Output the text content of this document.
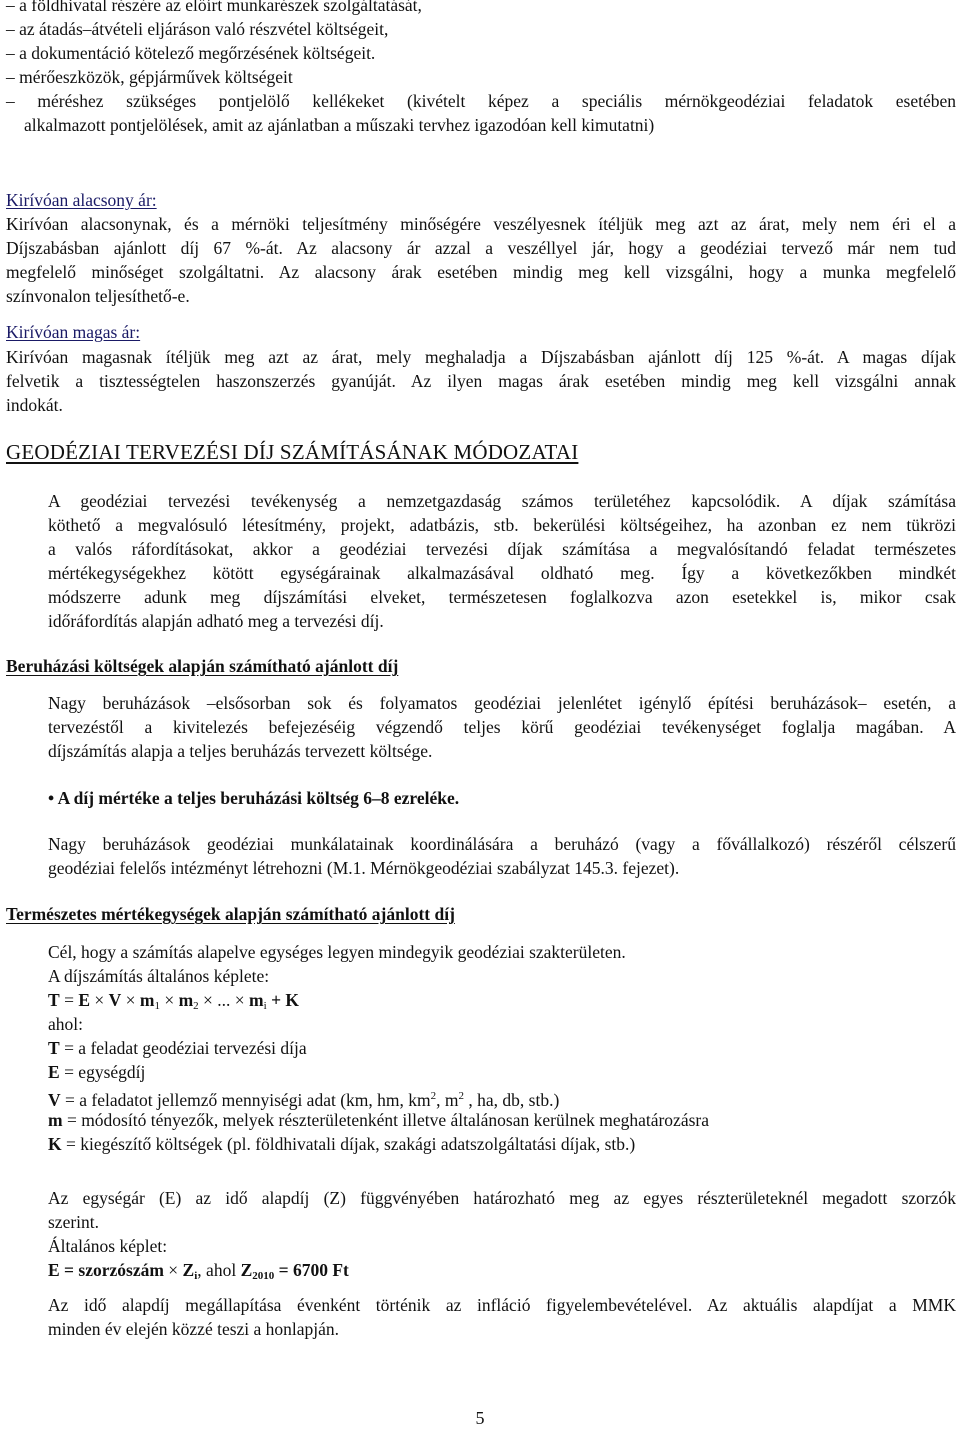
– a földhivatal részére az előírt munkarészek szolgáltatását,
– az átadás–átvételi eljáráson való részvétel költségeit,
– a dokumentáció kötelező megőrzésének költségeit.
– mérőeszközök, gépjárművek költségeit
– méréshez szükséges pontjelölő kellékeket (kivételt képez a speciális mérnökgeodéziai feladatok esetében
alkalmazott pontjelölések, amit az ajánlatban a műszaki tervhez igazodóan kell kimutatni)
Kirívóan alacsony ár:
Kirívóan alacsonynak, és a mérnöki teljesítmény minőségére veszélyesnek ítéljük meg azt az árat, mely nem éri el a
Díjszabásban ajánlott díj 67 %-át. Az alacsony ár azzal a veszéllyel jár, hogy a geodéziai tervező már nem tud
megfelelő minőséget szolgáltatni. Az alacsony árak esetében mindig meg kell vizsgálni, hogy a munka megfelelő
színvonalon teljesíthető-e.
Kirívóan magas ár:
Kirívóan magasnak ítéljük meg azt az árat, mely meghaladja a Díjszabásban ajánlott díj 125 %-át. A magas díjak
felvetik a tisztességtelen haszonszerzés gyanúját. Az ilyen magas árak esetében mindig meg kell vizsgálni annak
indokát.
GEODÉZIAI TERVEZÉSI DÍJ SZÁMÍTÁSÁNAK MÓDOZATAI
A geodéziai tervezési tevékenység a nemzetgazdaság számos területéhez kapcsolódik. A díjak számítása
köthető a megvalósuló létesítmény, projekt, adatbázis, stb. bekerülési költségeihez, ha azonban ez nem tükrözi
a valós ráfordításokat, akkor a geodéziai tervezési díjak számítása a megvalósítandó feladat természetes
mértékegységekhez kötött egységárainak alkalmazásával oldható meg. Így a következőkben mindkét
módszerre adunk meg díjszámítási elveket, természetesen foglalkozva azon esetekkel is, mikor csak
időráfordítás alapján adható meg a tervezési díj.
Beruházási költségek alapján számítható ajánlott díj
Nagy beruházások –elsősorban sok és folyamatos geodéziai jelenlétet igénylő építési beruházások– esetén, a
tervezéstől a kivitelezés befejezéséig végzendő teljes körű geodéziai tevékenységet foglalja magában. A
díjszámítás alapja a teljes beruházás tervezett költsége.
• A díj mértéke a teljes beruházási költség 6–8 ezreléke.
Nagy beruházások geodéziai munkálatainak koordinálására a beruházó (vagy a fővállalkozó) részéről célszerű
geodéziai felelős intézményt létrehozni (M.1. Mérnökgeodéziai szabályzat 145.3. fejezet).
Természetes mértékegységek alapján számítható ajánlott díj
Cél, hogy a számítás alapelve egységes legyen mindegyik geodéziai szakterületen.
A díjszámítás általános képlete:
$T = E \times V \times m_1 \times m_2$ × ... × $m_i + K$
ahol:
T = a feladat geodéziai tervezési díja
E = egységdíj
V = a feladatot jellemző mennyiségi adat (km, hm, $km^2$, $m^2$ , ha, db, stb.)
m = módosító tényezők, melyek részterületenként illetve általánosan kerülnek meghatározásra
K = kiegészítő költségek (pl. földhivatali díjak, szakági adatszolgáltatási díjak, stb.)
Az egységár (E) az idő alapdíj (Z) függvényében határozható meg az egyes részterületeknél megadott szorzók
szerint.
Általános képlet:
E = szorzószám × $Z_i$, ahol $Z_{2010} = 6700$ Ft
Az idő alapdíj megállapítása évenként történik az infláció figyelembevételével. Az aktuális alapdíjat a MMK
minden év elején közzé teszi a honlapján.
5
